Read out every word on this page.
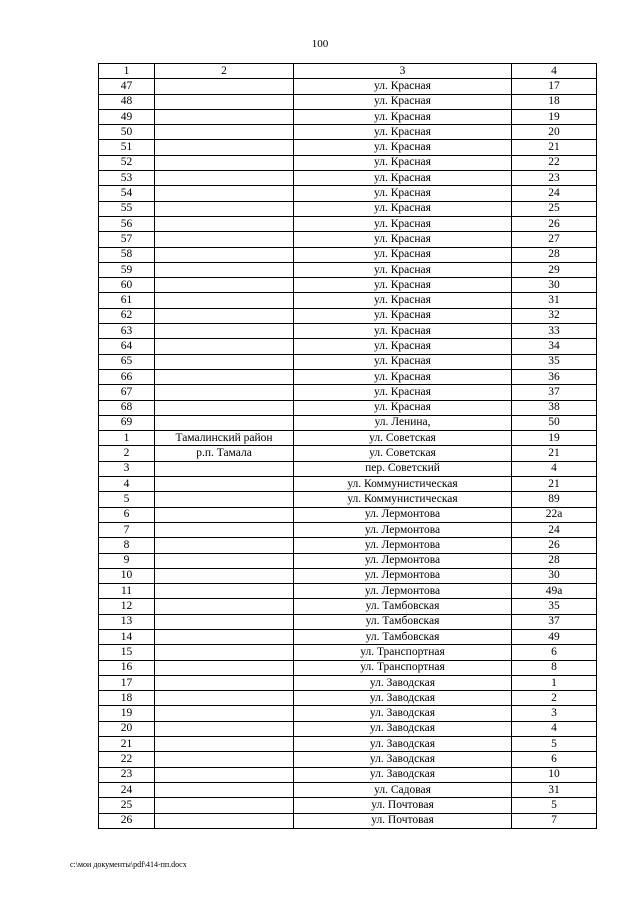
100
1	2	3	4
47		ул. Красная	17
48		ул. Красная	18
49		ул. Красная	19
50		ул. Красная	20
51		ул. Красная	21
52		ул. Красная	22
53		ул. Красная	23
54		ул. Красная	24
55		ул. Красная	25
56		ул. Красная	26
57		ул. Красная	27
58		ул. Красная	28
59		ул. Красная	29
60		ул. Красная	30
61		ул. Красная	31
62		ул. Красная	32
63		ул. Красная	33
64		ул. Красная	34
65		ул. Красная	35
66		ул. Красная	36
67		ул. Красная	37
68		ул. Красная	38
69		ул. Ленина,	50
1	Тамалинский район	ул. Советская	19
2	р.п. Тамала	ул. Советская	21
3		пер. Советский	4
4		ул. Коммунистическая	21
5		ул. Коммунистическая	89
6		ул. Лермонтова	22а
7		ул. Лермонтова	24
8		ул. Лермонтова	26
9		ул. Лермонтова	28
10		ул. Лермонтова	30
11		ул. Лермонтова	49а
12		ул. Тамбовская	35
13		ул. Тамбовская	37
14		ул. Тамбовская	49
15		ул. Транспортная	6
16		ул. Транспортная	8
17		ул. Заводская	1
18		ул. Заводская	2
19		ул. Заводская	3
20		ул. Заводская	4
21		ул. Заводская	5
22		ул. Заводская	6
23		ул. Заводская	10
24		ул. Садовая	31
25		ул. Почтовая	5
26		ул. Почтовая	7
c:\мои документы\pdf\414-пп.docx
